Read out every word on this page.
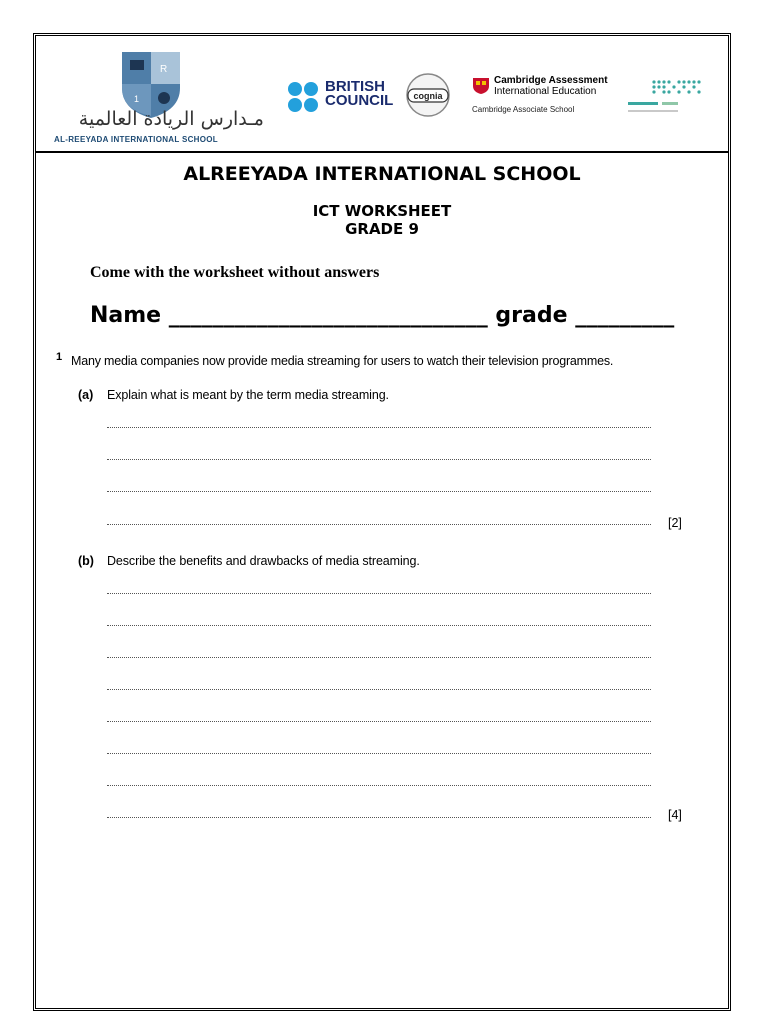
R
1
مـدارس الريادة العالمية
AL-REEYADA INTERNATIONAL SCHOOL
BRITISH
COUNCIL cognia
Cambridge Assessment
International Education
Cambridge Associate School
ALREEYADA INTERNATIONAL SCHOOL
ICT WORKSHEET
GRADE 9
Come with the worksheet without answers
Name _____________________________ grade _________
1 Many media companies now provide media streaming for users to watch their television programmes.
(a) Explain what is meant by the term media streaming.
[2]
(b) Describe the benefits and drawbacks of media streaming.
[4]
